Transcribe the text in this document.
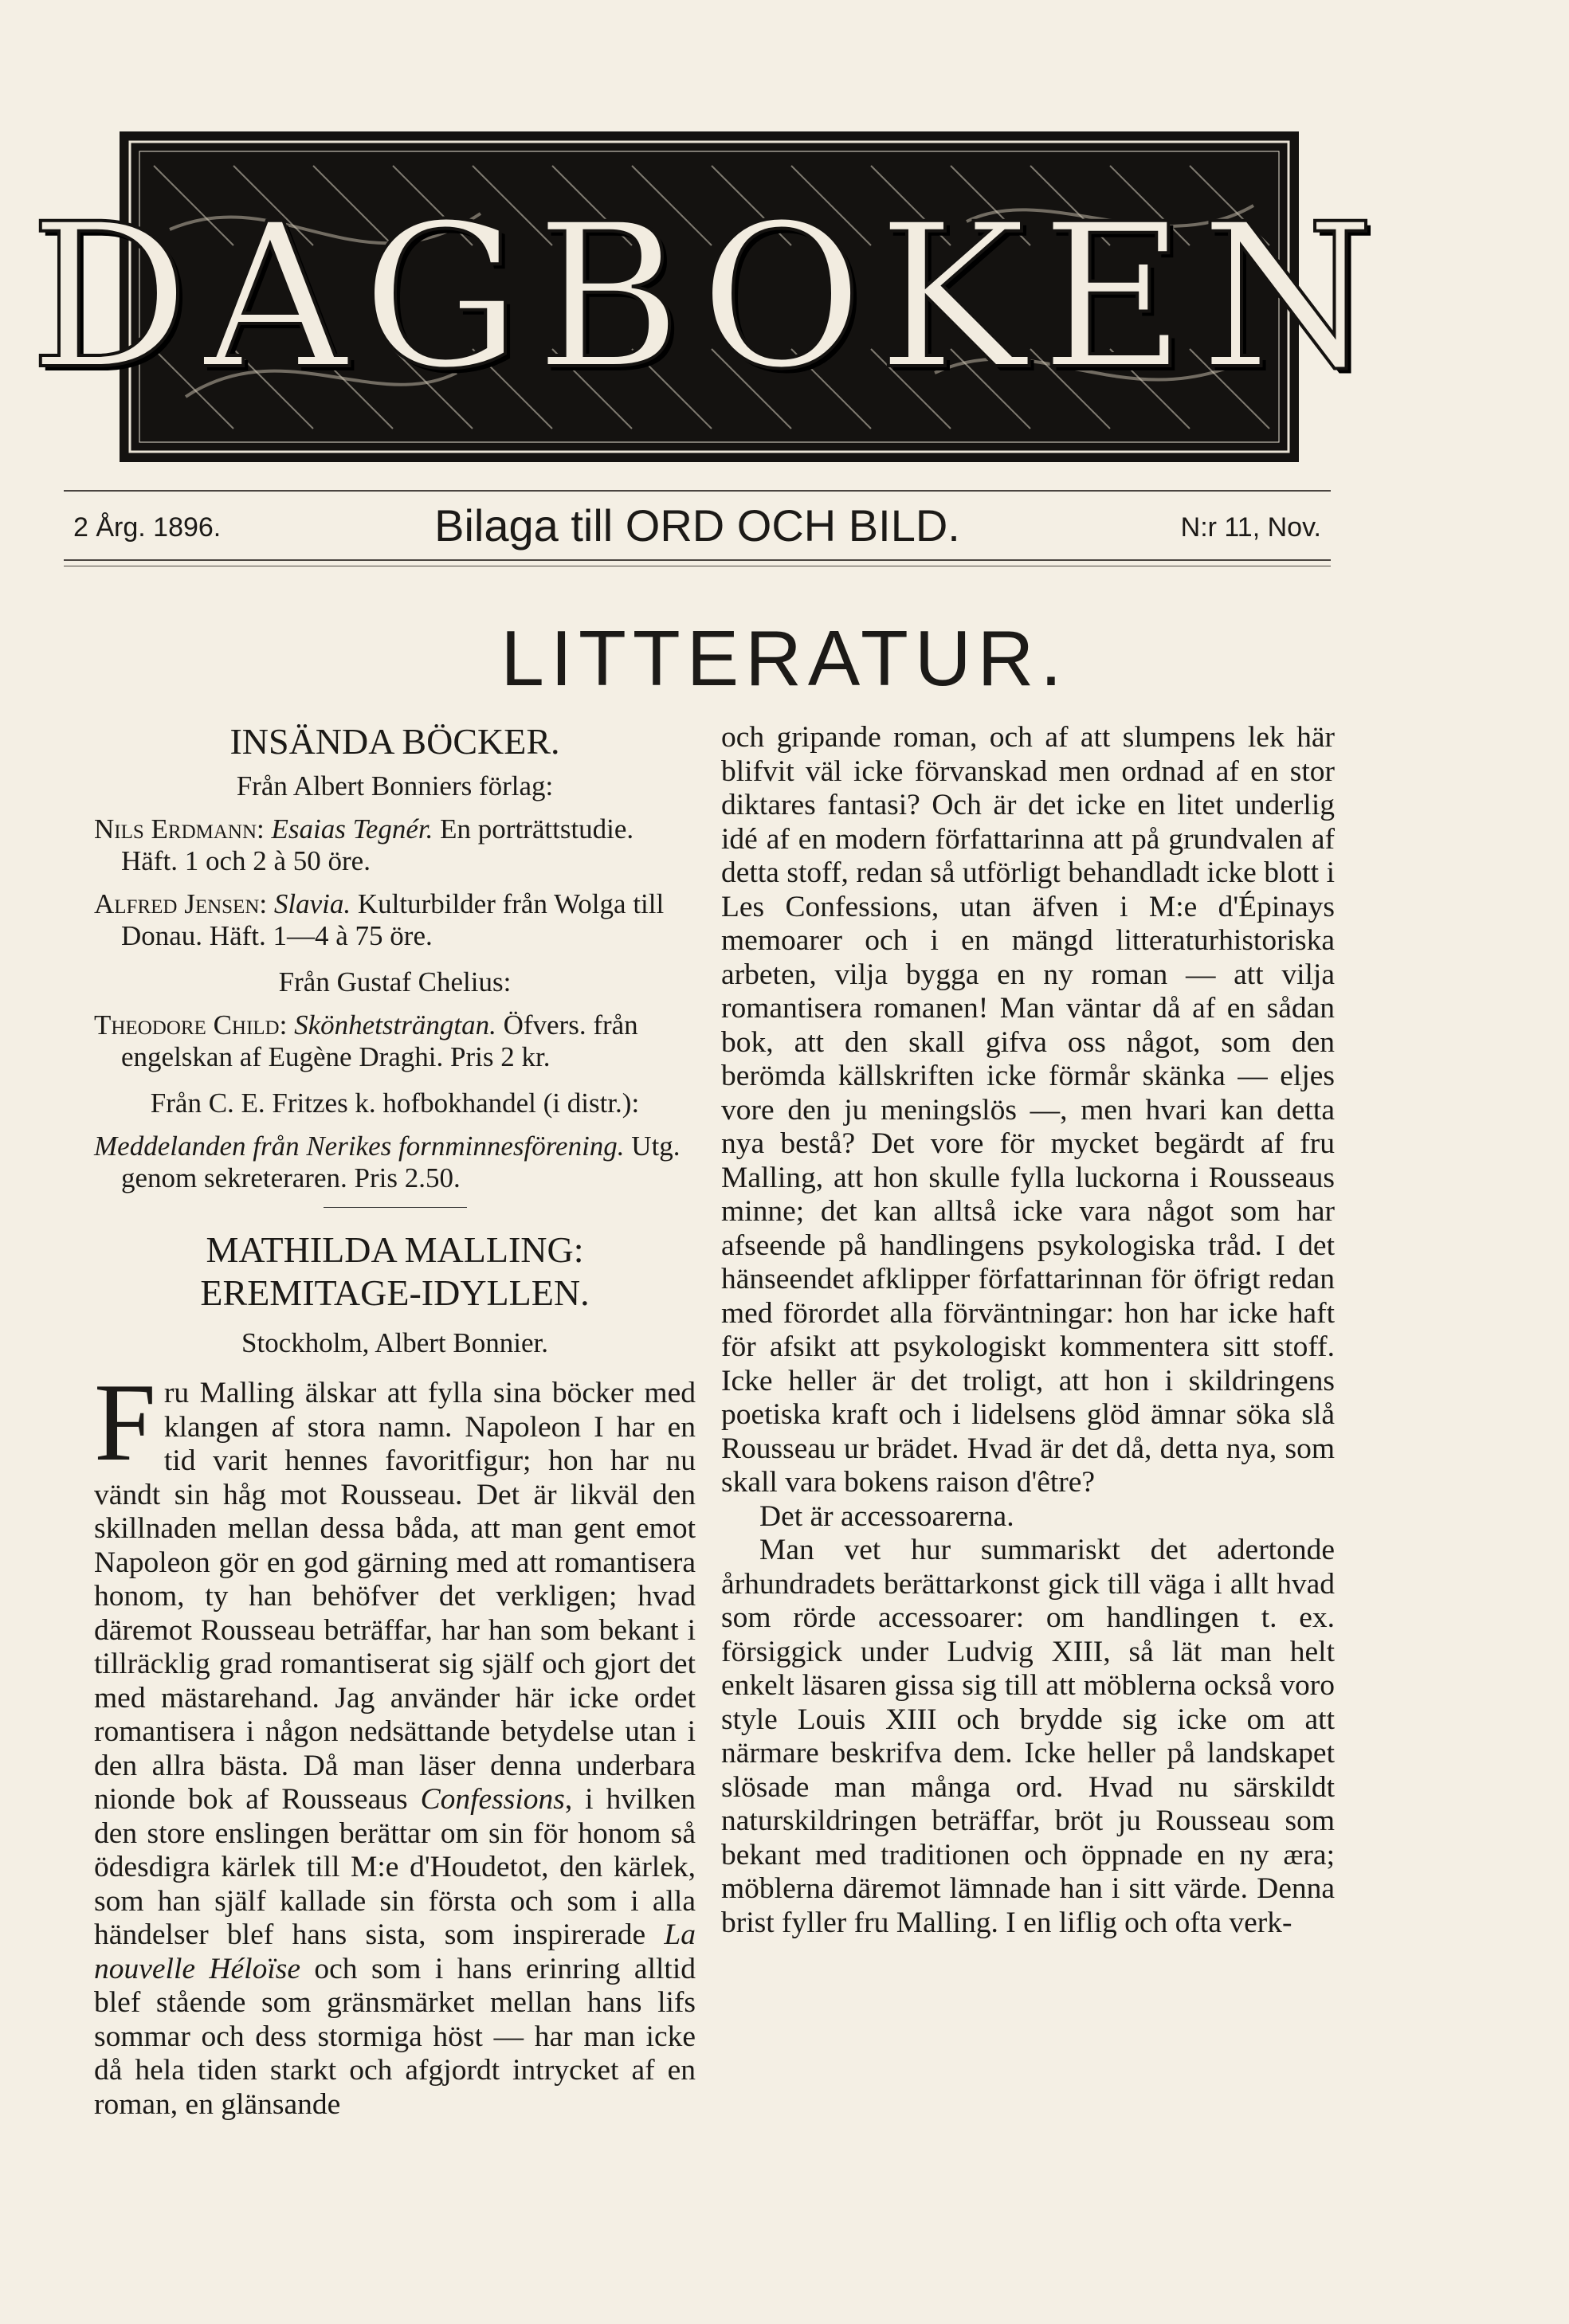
DAGBOKEN
2 Årg. 1896.	Bilaga till ORD OCH BILD.	N:r 11, Nov.
LITTERATUR.

INSÄNDA BÖCKER.

Från Albert Bonniers förlag:

Nils Erdmann: Esaias Tegnér. En porträttstudie. Häft. 1 och 2 à 50 öre.

Alfred Jensen: Slavia. Kulturbilder från Wolga till Donau. Häft. 1—4 à 75 öre.

Från Gustaf Chelius:

Theodore Child: Skönhetsträngtan. Öfvers. från engelskan af Eugène Draghi. Pris 2 kr.

Från C. E. Fritzes k. hofbokhandel (i distr.):

Meddelanden från Nerikes fornminnesförening. Utg. genom sekreteraren. Pris 2.50.

MATHILDA MALLING: EREMITAGE-IDYLLEN.

Stockholm, Albert Bonnier.

Fru Malling älskar att fylla sina böcker med klangen af stora namn. Napoleon I har en tid varit hennes favoritfigur; hon har nu vändt sin håg mot Rousseau. Det är likväl den skillnaden mellan dessa båda, att man gent emot Napoleon gör en god gärning med att romantisera honom, ty han behöfver det verkligen; hvad däremot Rousseau beträffar, har han som bekant i tillräcklig grad romantiserat sig själf och gjort det med mästarehand. Jag använder här icke ordet romantisera i någon nedsättande betydelse utan i den allra bästa. Då man läser denna underbara nionde bok af Rousseaus Confessions, i hvilken den store enslingen berättar om sin för honom så ödesdigra kärlek till M:e d'Houdetot, den kärlek, som han själf kallade sin första och som i alla händelser blef hans sista, som inspirerade La nouvelle Héloïse och som i hans erinring alltid blef stående som gränsmärket mellan hans lifs sommar och dess stormiga höst — har man icke då hela tiden starkt och afgjordt intrycket af en roman, en glänsande

och gripande roman, och af att slumpens lek här blifvit väl icke förvanskad men ordnad af en stor diktares fantasi? Och är det icke en litet underlig idé af en modern författarinna att på grundvalen af detta stoff, redan så utförligt behandladt icke blott i Les Confessions, utan äfven i M:e d'Épinays memoarer och i en mängd litteraturhistoriska arbeten, vilja bygga en ny roman — att vilja romantisera romanen! Man väntar då af en sådan bok, att den skall gifva oss något, som den berömda källskriften icke förmår skänka — eljes vore den ju meningslös —, men hvari kan detta nya bestå? Det vore för mycket begärdt af fru Malling, att hon skulle fylla luckorna i Rousseaus minne; det kan alltså icke vara något som har afseende på handlingens psykologiska tråd. I det hänseendet afklipper författarinnan för öfrigt redan med förordet alla förväntningar: hon har icke haft för afsikt att psykologiskt kommentera sitt stoff. Icke heller är det troligt, att hon i skildringens poetiska kraft och i lidelsens glöd ämnar söka slå Rousseau ur brädet. Hvad är det då, detta nya, som skall vara bokens raison d'être?

Det är accessoarerna.

Man vet hur summariskt det adertonde århundradets berättarkonst gick till väga i allt hvad som rörde accessoarer: om handlingen t. ex. försiggick under Ludvig XIII, så lät man helt enkelt läsaren gissa sig till att möblerna också voro style Louis XIII och brydde sig icke om att närmare beskrifva dem. Icke heller på landskapet slösade man många ord. Hvad nu särskildt naturskildringen beträffar, bröt ju Rousseau som bekant med traditionen och öppnade en ny æra; möblerna däremot lämnade han i sitt värde. Denna brist fyller fru Malling. I en liflig och ofta verk-
